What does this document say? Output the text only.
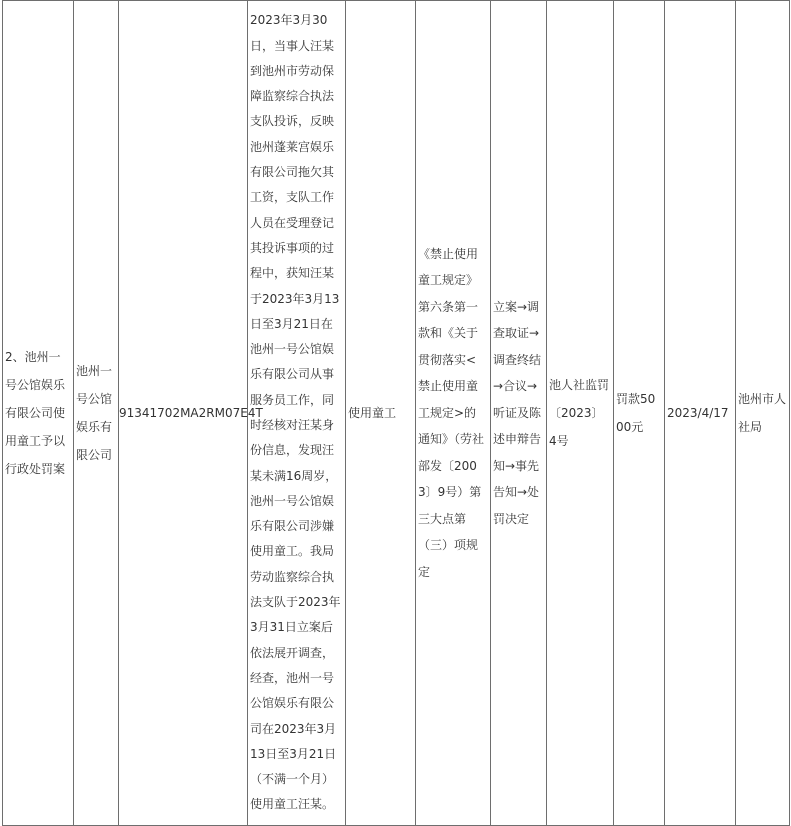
2、池州一号公馆娱乐有限公司使用童工予以行政处罚案	池州一号公馆娱乐有限公司	91341702MA2RM07E4T	2023年3月30日，当事人汪某到池州市劳动保障监察综合执法支队投诉，反映池州蓬莱宫娱乐有限公司拖欠其工资，支队工作人员在受理登记其投诉事项的过程中，获知汪某于2023年3月13日至3月21日在池州一号公馆娱乐有限公司从事服务员工作，同时经核对汪某身份信息，发现汪某未满16周岁，池州一号公馆娱乐有限公司涉嫌使用童工。我局劳动监察综合执法支队于2023年3月31日立案后依法展开调查，经查，池州一号公馆娱乐有限公司在2023年3月13日至3月21日（不满一个月）使用童工汪某。	使用童工	《禁止使用童工规定》第六条第一款和《关于贯彻落实<禁止使用童工规定>的通知》（劳社部发〔2003〕9号）第三大点第（三）项规定	立案→调查取证→调查终结→合议→听证及陈述申辩告知→事先告知→处罚决定	池人社监罚〔2023〕4号	罚款5000元	2023/4/17	池州市人社局
